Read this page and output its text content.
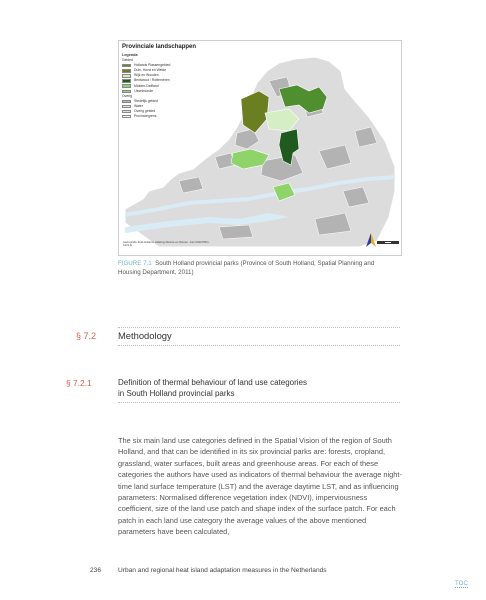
Provinciale landschappen
Legenda
Gebied
Hollands Plassengebied
Duin, Horst en Weide
Wijk en Wouden
Bentwoud / Rottemeren
Midden-Delfland
IJsselmonde
Overig
Stedelijk gebied
Water
Overig gebied
Provinciegrens
Cartografie Zuid-Holland, afdeling Ruimte en Wonen. Juni 2010 PRO-1421-E
FIGURE 7.1 South Holland provincial parks (Province of South Holland, Spatial Planning and Housing Department, 2011)
§ 7.2 Methodology
§ 7.2.1	Definition of thermal behaviour of land use categories
in South Holland provincial parks
The six main land use categories defined in the Spatial Vision of the region of South Holland, and that can be identified in its six provincial parks are: forests, cropland, grassland, water surfaces, built areas and greenhouse areas. For each of these categories the authors have used as indicators of thermal behaviour the average night-time land surface temperature (LST) and the average daytime LST, and as influencing parameters: Normalised difference vegetation index (NDVI), imperviousness coefficient, size of the land use patch and shape index of the surface patch. For each patch in each land use category the average values of the above mentioned parameters have been calculated,
236	Urban and regional heat island adaptation measures in the Netherlands
TOC
